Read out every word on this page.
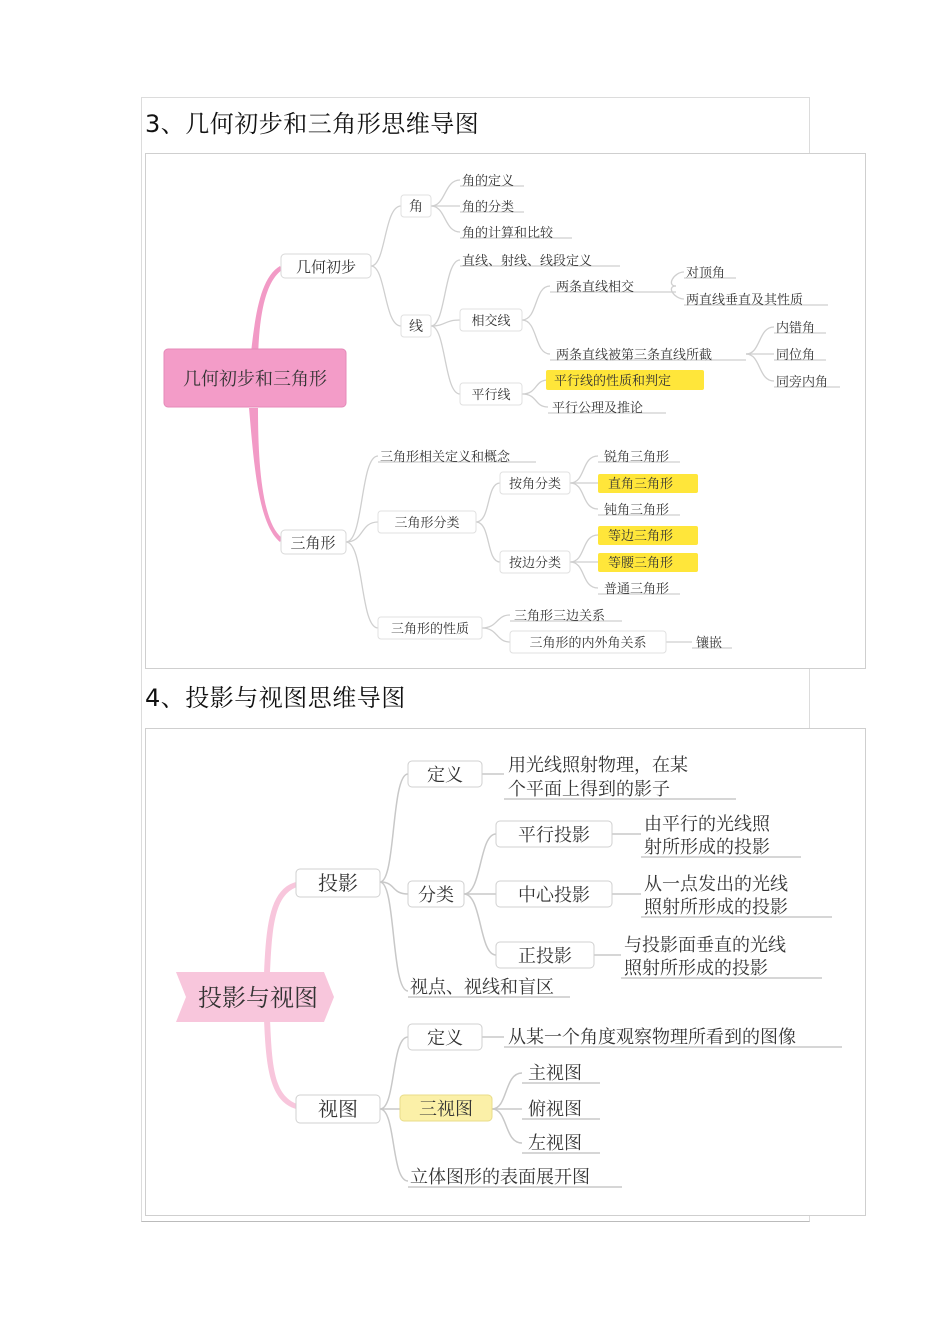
3、几何初步和三角形思维导图
几何初步和三角形
几何初步
三角形
角
线
角的定义
角的分类
角的计算和比较
直线、射线、线段定义
相交线
平行线
两条直线相交
对顶角
两直线垂直及其性质
两条直线被第三条直线所截
内错角
同位角
同旁内角
平行线的性质和判定
平行公理及推论
三角形相关定义和概念
三角形分类
按角分类
按边分类
锐角三角形
直角三角形
钝角三角形
等边三角形
等腰三角形
普通三角形
三角形的性质
三角形三边关系
三角形的内外角关系	镶嵌
4、投影与视图思维导图
投影与视图
投影
视图
定义	用光线照射物理，在某
个平面上得到的影子
分类
平行投影
由平行的光线照
射所形成的投影
中心投影
从一点发出的光线
照射所形成的投影
正投影
与投影面垂直的光线
照射所形成的投影
视点、视线和盲区
定义	从某一个角度观察物理所看到的图像
三视图
主视图
俯视图
左视图
立体图形的表面展开图
